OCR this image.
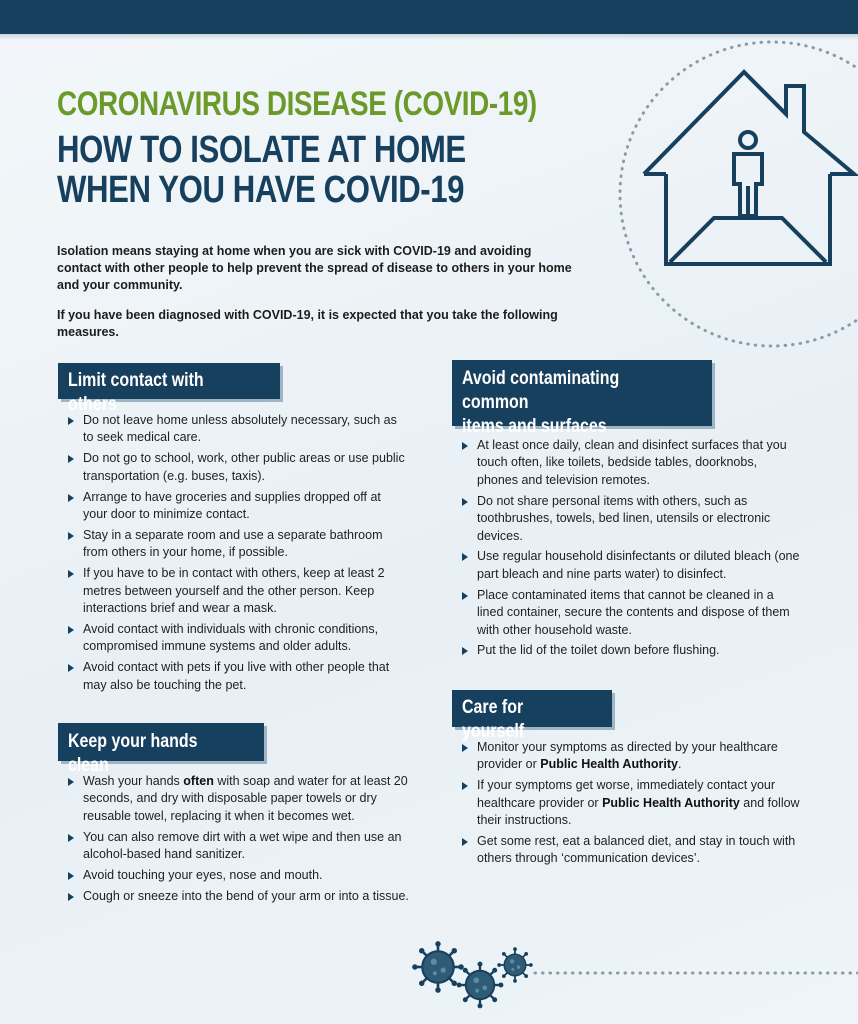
CORONAVIRUS DISEASE (COVID-19)
HOW TO ISOLATE AT HOME
WHEN YOU HAVE COVID-19

Isolation means staying at home when you are sick with COVID-19 and avoiding contact with other people to help prevent the spread of disease to others in your home and your community.

If you have been diagnosed with COVID-19, it is expected that you take the following measures.

Limit contact with others
Do not leave home unless absolutely necessary, such as to seek medical care.
Do not go to school, work, other public areas or use public transportation (e.g. buses, taxis).
Arrange to have groceries and supplies dropped off at your door to minimize contact.
Stay in a separate room and use a separate bathroom from others in your home, if possible.
If you have to be in contact with others, keep at least 2 metres between yourself and the other person. Keep interactions brief and wear a mask.
Avoid contact with individuals with chronic conditions, compromised immune systems and older adults.
Avoid contact with pets if you live with other people that may also be touching the pet.
Keep your hands clean
Wash your hands often with soap and water for at least 20 seconds, and dry with disposable paper towels or dry reusable towel, replacing it when it becomes wet.
You can also remove dirt with a wet wipe and then use an alcohol-based hand sanitizer.
Avoid touching your eyes, nose and mouth.
Cough or sneeze into the bend of your arm or into a tissue.
Avoid contaminating common
items and surfaces
At least once daily, clean and disinfect surfaces that you touch often, like toilets, bedside tables, doorknobs, phones and television remotes.
Do not share personal items with others, such as toothbrushes, towels, bed linen, utensils or electronic devices.
Use regular household disinfectants or diluted bleach (one part bleach and nine parts water) to disinfect.
Place contaminated items that cannot be cleaned in a lined container, secure the contents and dispose of them with other household waste.
Put the lid of the toilet down before flushing.
Care for yourself
Monitor your symptoms as directed by your healthcare provider or Public Health Authority.
If your symptoms get worse, immediately contact your healthcare provider or Public Health Authority and follow their instructions.
Get some rest, eat a balanced diet, and stay in touch with others through ‘communication devices’.
